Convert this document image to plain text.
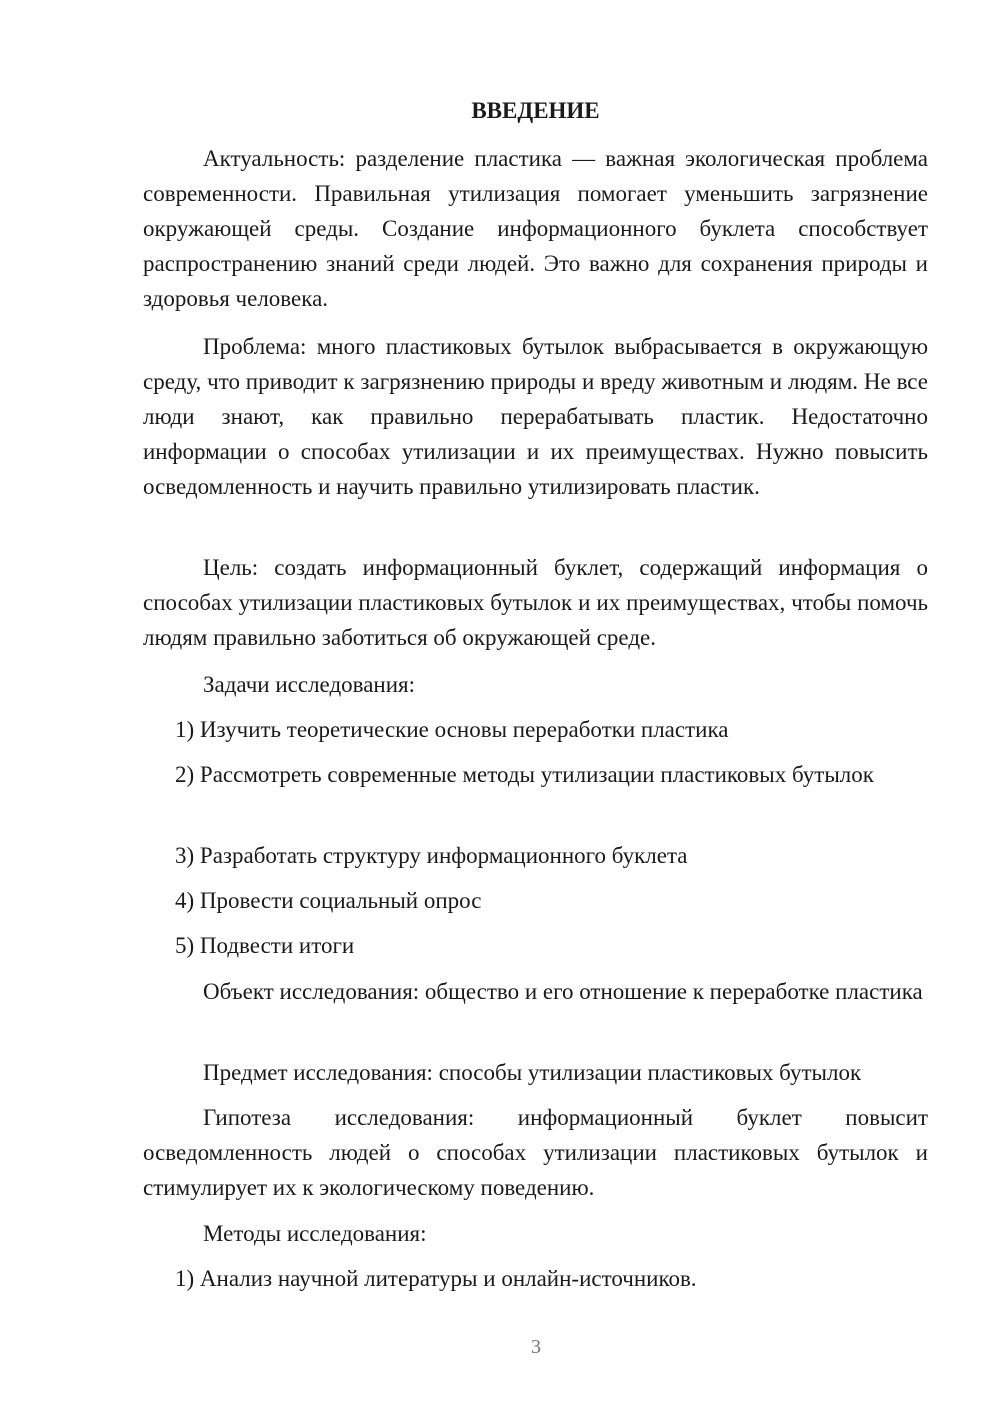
ВВЕДЕНИЕ

Актуальность: разделение пластика — важная экологическая проблема современности. Правильная утилизация помогает уменьшить загрязнение окружающей среды. Создание информационного буклета способствует распространению знаний среди людей. Это важно для сохранения природы и здоровья человека.

Проблема: много пластиковых бутылок выбрасывается в окружающую среду, что приводит к загрязнению природы и вреду животным и людям. Не все люди знают, как правильно перерабатывать пластик. Недостаточно информации о способах утилизации и их преимуществах. Нужно повысить осведомленность и научить правильно утилизировать пластик.

Цель: создать информационный буклет, содержащий информация о способах утилизации пластиковых бутылок и их преимуществах, чтобы помочь людям правильно заботиться об окружающей среде.

Задачи исследования:

1) Изучить теоретические основы переработки пластика

2) Рассмотреть современные методы утилизации пластиковых бутылок

3) Разработать структуру информационного буклета

4) Провести социальный опрос

5) Подвести итоги

Объект исследования: общество и его отношение к переработке пластика

Предмет исследования: способы утилизации пластиковых бутылок

Гипотеза исследования: информационный буклет повысит осведомленность людей о способах утилизации пластиковых бутылок и стимулирует их к экологическому поведению.

Методы исследования:

1) Анализ научной литературы и онлайн-источников.

3
